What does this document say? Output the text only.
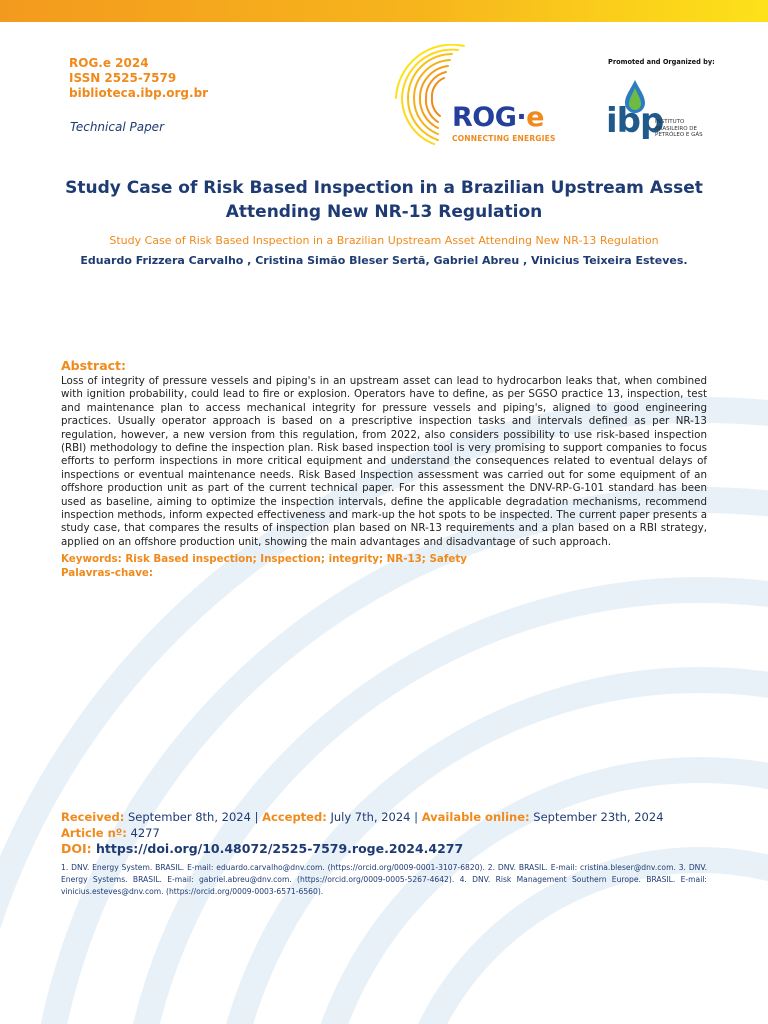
ROG.e 2024
ISSN 2525-7579
biblioteca.ibp.org.br
Technical Paper	ROG·e
CONNECTING ENERGIES
Promoted and Organized by:
ibp
INSTITUTO
BRASILEIRO DE
PETRÓLEO E GÁS
Study Case of Risk Based Inspection in a Brazilian Upstream Asset Attending New NR-13 Regulation
Study Case of Risk Based Inspection in a Brazilian Upstream Asset Attending New NR-13 Regulation
Eduardo Frizzera Carvalho , Cristina Simão Bleser Sertã, Gabriel Abreu , Vinicius Teixeira Esteves.
Abstract:
Loss of integrity of pressure vessels and piping's in an upstream asset can lead to hydrocarbon leaks that, when combined with ignition probability, could lead to fire or explosion. Operators have to define, as per SGSO practice 13, inspection, test and maintenance plan to access mechanical integrity for pressure vessels and piping's, aligned to good engineering practices. Usually operator approach is based on a prescriptive inspection tasks and intervals defined as per NR-13 regulation, however, a new version from this regulation, from 2022, also considers possibility to use risk-based inspection (RBI) methodology to define the inspection plan. Risk based inspection tool is very promising to support companies to focus efforts to perform inspections in more critical equipment and understand the consequences related to eventual delays of inspections or eventual maintenance needs. Risk Based Inspection assessment was carried out for some equipment of an offshore production unit as part of the current technical paper. For this assessment the DNV-RP-G-101 standard has been used as baseline, aiming to optimize the inspection intervals, define the applicable degradation mechanisms, recommend inspection methods, inform expected effectiveness and mark-up the hot spots to be inspected. The current paper presents a study case, that compares the results of inspection plan based on NR-13 requirements and a plan based on a RBI strategy, applied on an offshore production unit, showing the main advantages and disadvantage of such approach.
Keywords: Risk Based inspection; Inspection; integrity; NR-13; Safety
Palavras-chave:
Received: September 8th, 2024 | Accepted: July 7th, 2024 | Available online: September 23th, 2024
Article nº: 4277
DOI: https://doi.org/10.48072/2525-7579.roge.2024.4277
1. DNV. Energy System. BRASIL. E-mail: eduardo.carvalho@dnv.com. (https://orcid.org/0009-0001-3107-6820). 2. DNV. BRASIL. E-mail: cristina.bleser@dnv.com. 3. DNV. Energy Systems. BRASIL. E-mail: gabriel.abreu@dnv.com. (https://orcid.org/0009-0005-5267-4642). 4. DNV. Risk Management Southern Europe. BRASIL. E-mail: vinicius.esteves@dnv.com. (https://orcid.org/0009-0003-6571-6560).
